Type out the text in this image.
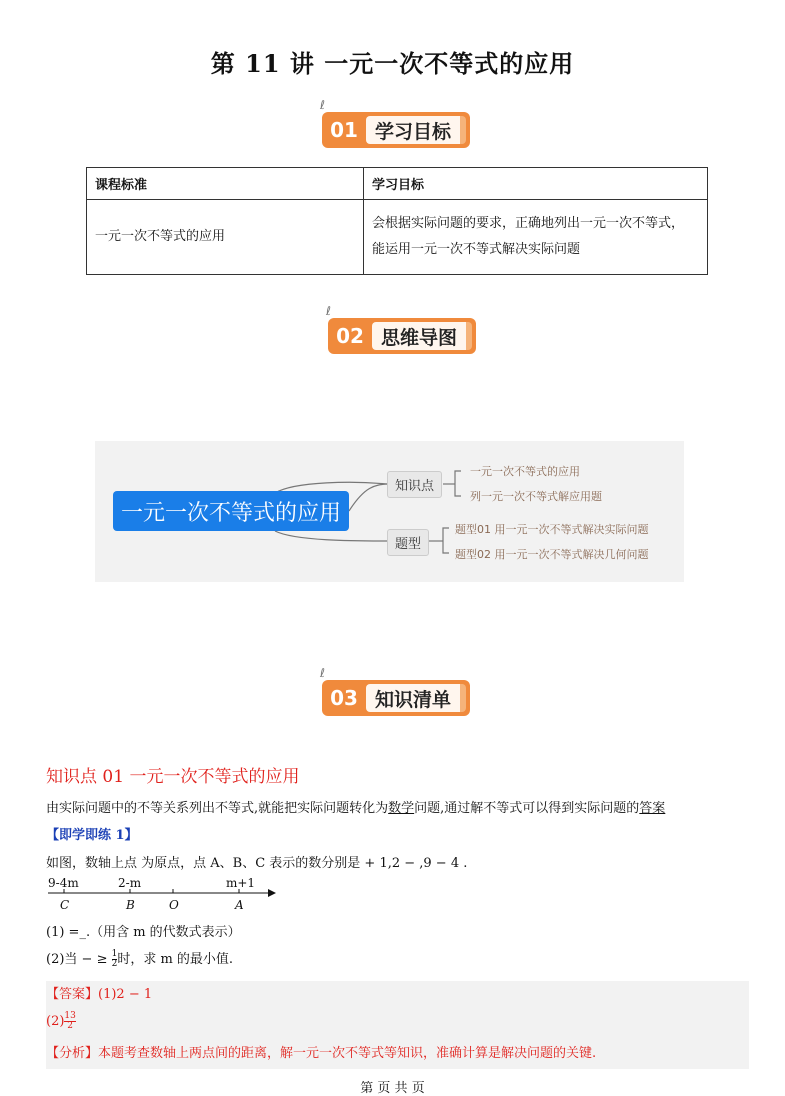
第 11 讲 一元一次不等式的应用
ℓ
01 学习目标
课程标准	学习目标
一元一次不等式的应用	会根据实际问题的要求，正确地列出一元一次不等式，
能运用一元一次不等式解决实际问题
ℓ
02 思维导图
一元一次不等式的应用
知识点
题型
一元一次不等式的应用
列一元一次不等式解应用题
题型01 用一元一次不等式解决实际问题
题型02 用一元一次不等式解决几何问题
ℓ
03 知识清单
知识点 01 一元一次不等式的应用
由实际问题中的不等关系列出不等式,就能把实际问题转化为数学问题,通过解不等式可以得到实际问题的答案
【即学即练 1】
如图，数轴上点 为原点，点 A、B、C 表示的数分别是 + 1,2 − ,9 − 4 .
9-4m	2-m	m+1
C	B	O	A
(1) =_.（用含 m 的代数式表示）
(2)当 − ≥ $\frac{1}{2}$ 时，求 m 的最小值.
【答案】(1)2 − 1
$(2) \frac{13}{2}$
【分析】本题考查数轴上两点间的距离，解一元一次不等式等知识，准确计算是解决问题的关键.
第 页 共 页
